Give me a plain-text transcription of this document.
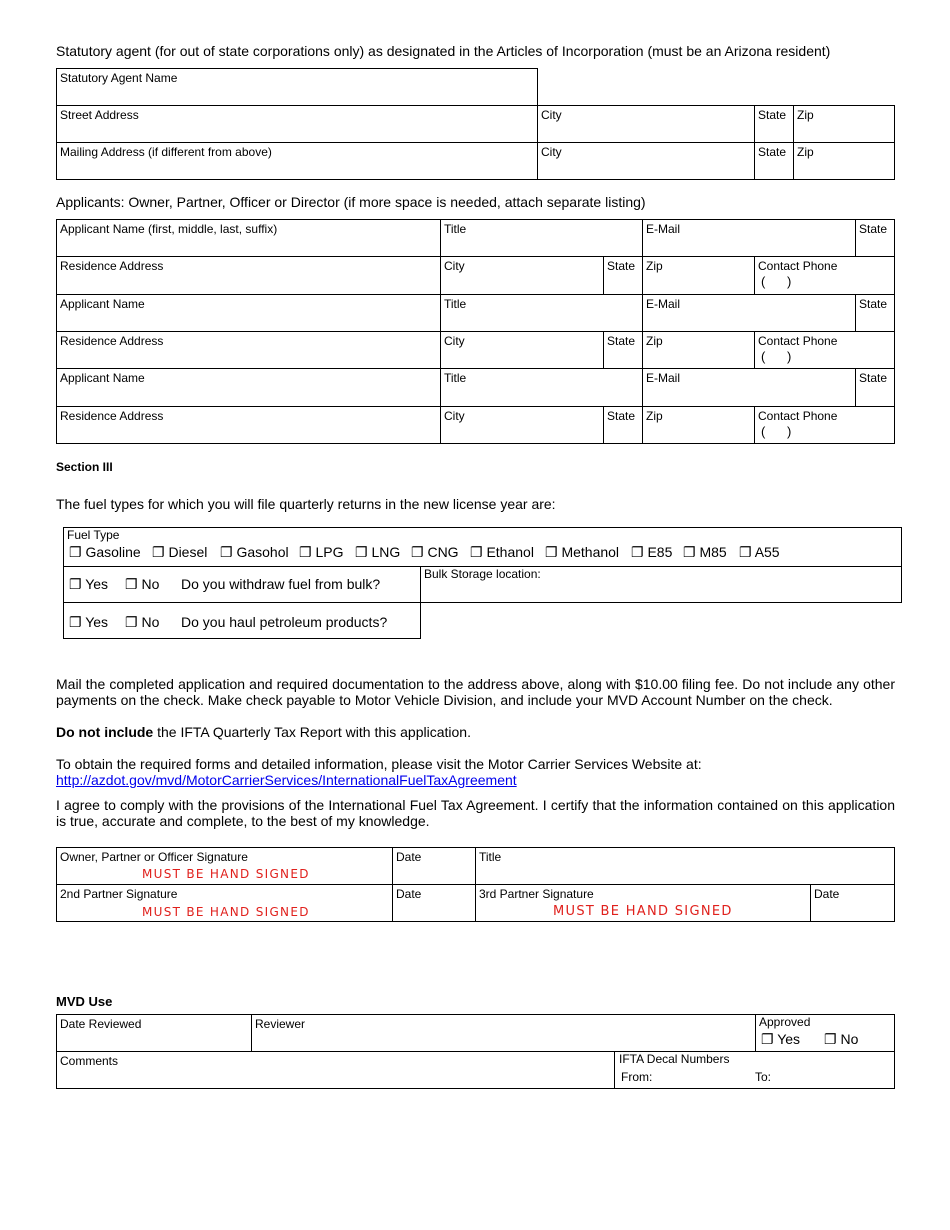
Statutory agent (for out of state corporations only) as designated in the Articles of Incorporation (must be an Arizona resident)
Statutory Agent Name
Street Address	City	State Zip
Mailing Address (if different from above)	City	State Zip
Applicants: Owner, Partner, Officer or Director (if more space is needed, attach separate listing)
Applicant Name (first, middle, last, suffix)	Title	E-Mail	State
Residence Address	City	State Zip	Contact Phone
(      )
Applicant Name	Title	E-Mail	State
Residence Address	City	State Zip	Contact Phone
(      )
Applicant Name	Title	E-Mail	State
Residence Address	City	State Zip	Contact Phone
(      )
Section III
The fuel types for which you will file quarterly returns in the new license year are:
Fuel Type
❐ Gasoline ❐ Diesel ❐ Gasohol ❐ LPG ❐ LNG ❐ CNG ❐ Ethanol ❐ Methanol ❐ E85 ❐ M85 ❐ A55
❐ Yes ❐ No Do you withdraw fuel from bulk?
Bulk Storage location:
❐ Yes ❐ No Do you haul petroleum products?
Mail the completed application and required documentation to the address above, along with $10.00 filing fee. Do not include any other payments on the check. Make check payable to Motor Vehicle Division, and include your MVD Account Number on the check.
Do not include the IFTA Quarterly Tax Report with this application.
To obtain the required forms and detailed information, please visit the Motor Carrier Services Website at:
http://azdot.gov/mvd/MotorCarrierServices/InternationalFuelTaxAgreement
I agree to comply with the provisions of the International Fuel Tax Agreement. I certify that the information contained on this application is true, accurate and complete, to the best of my knowledge.
Owner, Partner or Officer Signature
MUST BE HAND SIGNED
Date	Title
2nd Partner Signature
MUST BE HAND SIGNED
Date	3rd Partner Signature
MUST BE HAND SIGNED
Date
MVD Use
Date Reviewed	Reviewer	Approved
❐ Yes ❐ No
Comments	IFTA Decal Numbers
From:	To:
